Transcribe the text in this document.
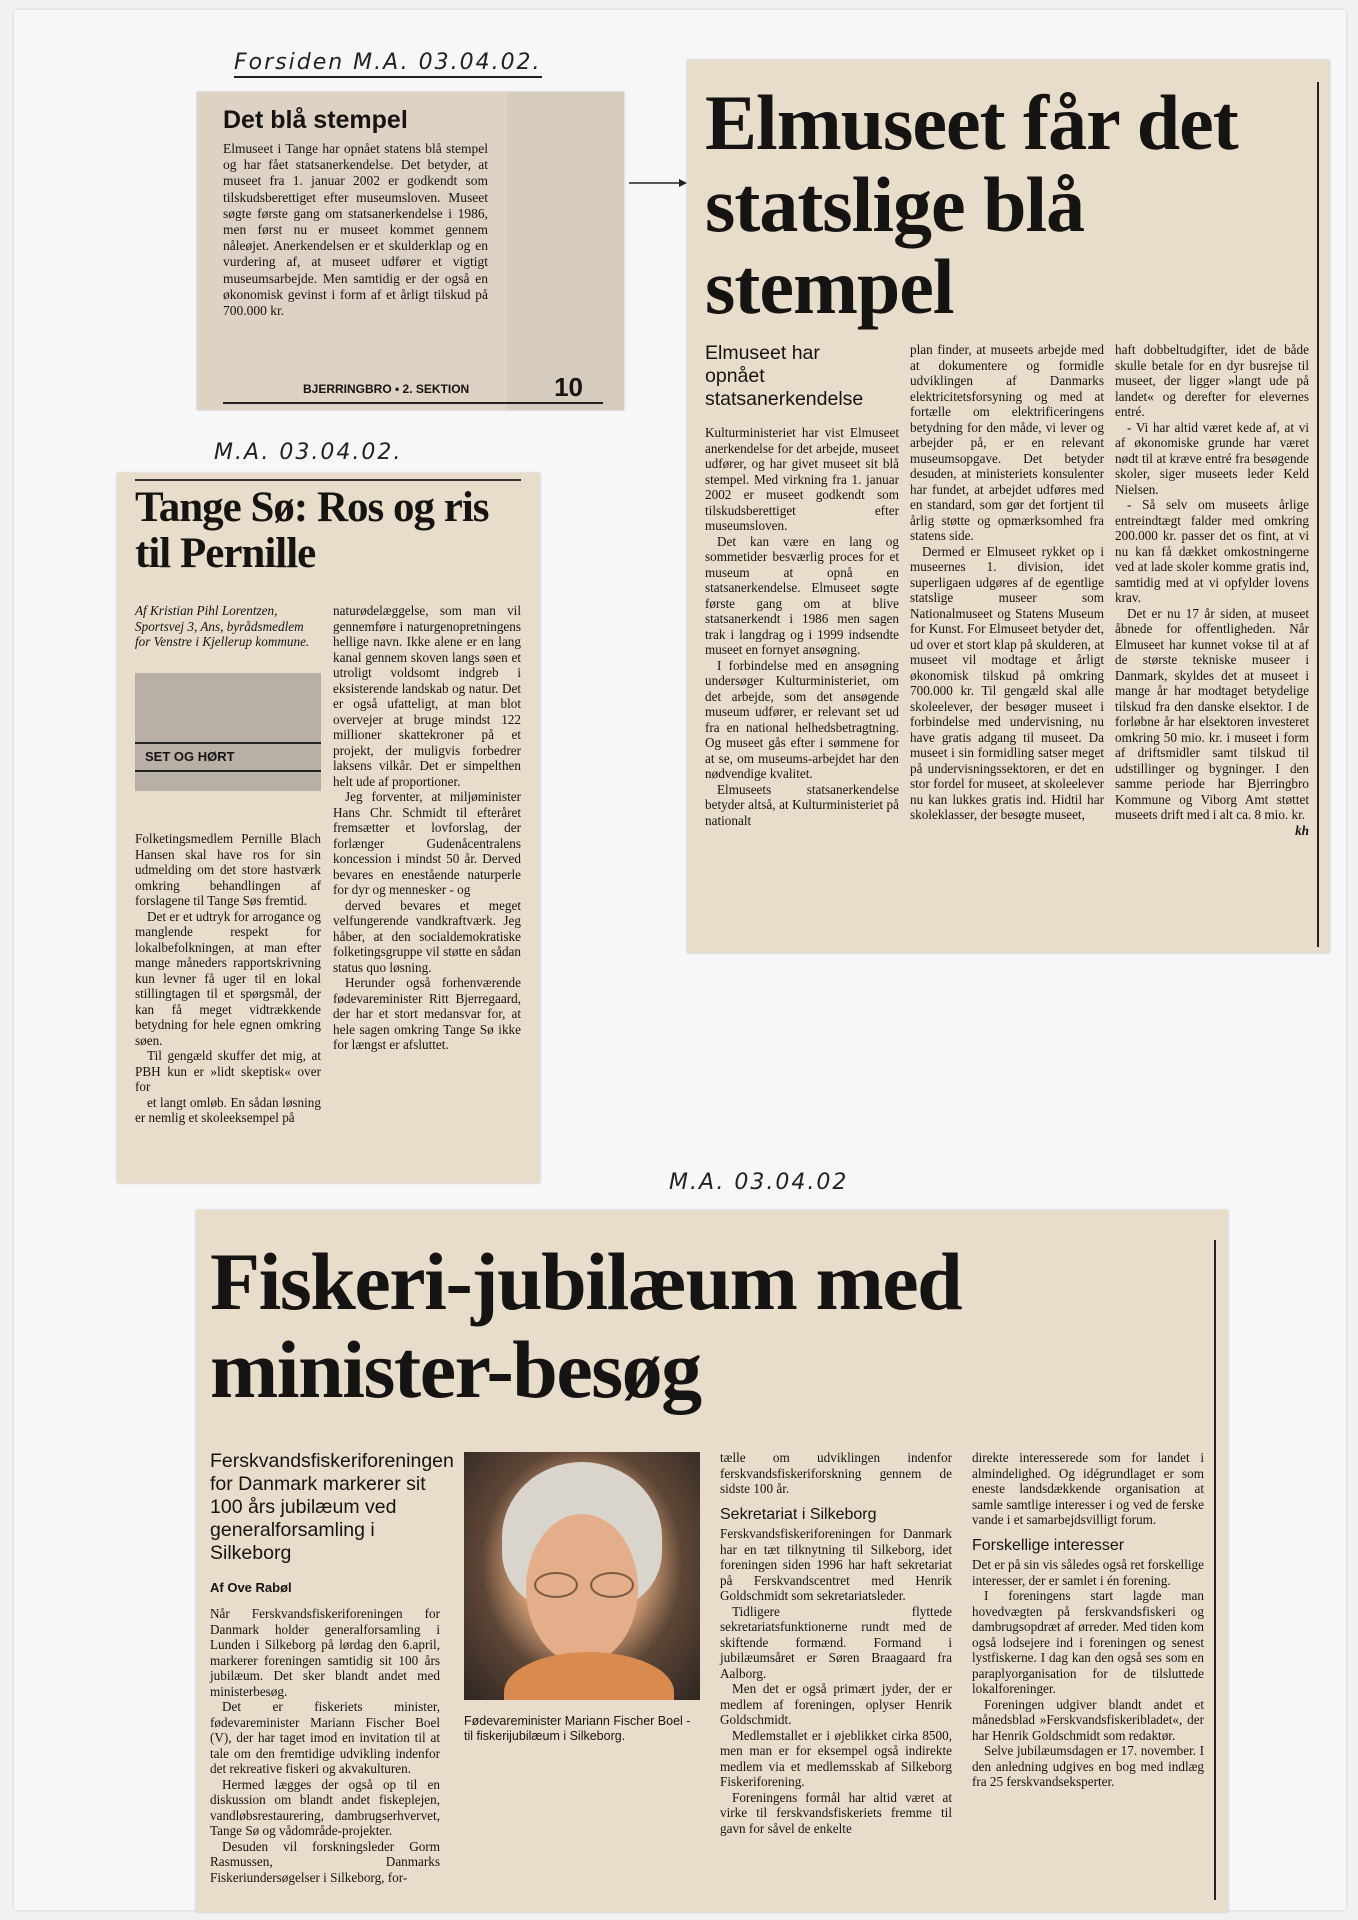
Forsiden M.A. 03.04.02.
M.A. 03.04.02.
M.A. 03.04.02
Det blå stempel
Elmuseet i Tange har opnået statens blå stempel og har fået statsanerkendelse. Det betyder, at museet fra 1. januar 2002 er godkendt som tilskudsberettiget efter museumsloven. Museet søgte første gang om statsanerkendelse i 1986, men først nu er museet kommet gennem nåleøjet. Anerkendelsen er et skulderklap og en vurdering af, at museet udfører et vigtigt museumsarbejde. Men samtidig er der også en økonomisk gevinst i form af et årligt tilskud på 700.000 kr.
BJERRINGBRO • 2. SEKTION	10
Tange Sø: Ros og ris til Pernille
Af Kristian Pihl Lorentzen, Sportsvej 3, Ans, byrådsmedlem for Venstre i Kjellerup kommune.
SET OG HØRT

Folketingsmedlem Pernille Blach Hansen skal have ros for sin udmelding om det store hastværk omkring behandlingen af forslagene til Tange Søs fremtid.

Det er et udtryk for arrogance og manglende respekt for lokalbefolkningen, at man efter mange måneders rapportskrivning kun levner få uger til en lokal stillingtagen til et spørgsmål, der kan få meget vidtrækkende betydning for hele egnen omkring søen.

Til gengæld skuffer det mig, at PBH kun er »lidt skeptisk« over for

et langt omløb. En sådan løsning er nemlig et skoleeksempel på

naturødelæggelse, som man vil gennemføre i naturgenopretningens hellige navn. Ikke alene er en lang kanal gennem skoven langs søen et utroligt voldsomt indgreb i eksisterende landskab og natur. Det er også ufatteligt, at man blot overvejer at bruge mindst 122 millioner skattekroner på et projekt, der muligvis forbedrer laksens vilkår. Det er simpelthen helt ude af proportioner.

Jeg forventer, at miljøminister Hans Chr. Schmidt til efteråret fremsætter et lovforslag, der forlænger Gudenåcentralens koncession i mindst 50 år. Derved bevares en enestående naturperle for dyr og mennesker - og

derved bevares et meget velfungerende vandkraftværk. Jeg håber, at den socialdemokratiske folketingsgruppe vil støtte en sådan status quo løsning.

Herunder også forhenværende fødevareminister Ritt Bjerregaard, der har et stort medansvar for, at hele sagen omkring Tange Sø ikke for længst er afsluttet.

Elmuseet får det statslige blå stempel
Elmuseet har opnået statsanerkendelse

Kulturministeriet har vist Elmuseet anerkendelse for det arbejde, museet udfører, og har givet museet sit blå stempel. Med virkning fra 1. januar 2002 er museet godkendt som tilskudsberettiget efter museumsloven.

Det kan være en lang og sommetider besværlig proces for et museum at opnå en statsanerkendelse. Elmuseet søgte første gang om at blive statsanerkendt i 1986 men sagen trak i langdrag og i 1999 indsendte museet en fornyet ansøgning.

I forbindelse med en ansøgning undersøger Kulturministeriet, om det arbejde, som det ansøgende museum udfører, er relevant set ud fra en national helhedsbetragtning. Og museet gås efter i sømmene for at se, om museums-arbejdet har den nødvendige kvalitet.

Elmuseets statsanerkendelse betyder altså, at Kulturministeriet på nationalt

plan finder, at museets arbejde med at dokumentere og formidle udviklingen af Danmarks elektricitetsforsyning og med at fortælle om elektrificeringens betydning for den måde, vi lever og arbejder på, er en relevant museumsopgave. Det betyder desuden, at ministeriets konsulenter har fundet, at arbejdet udføres med en standard, som gør det fortjent til årlig støtte og opmærksomhed fra statens side.

Dermed er Elmuseet rykket op i museernes 1. division, idet superligaen udgøres af de egentlige statslige museer som Nationalmuseet og Statens Museum for Kunst. For Elmuseet betyder det, ud over et stort klap på skulderen, at museet vil modtage et årligt økonomisk tilskud på omkring 700.000 kr. Til gengæld skal alle skoleelever, der besøger museet i forbindelse med undervisning, nu have gratis adgang til museet. Da museet i sin formidling satser meget på undervisningssektoren, er det en stor fordel for museet, at skoleelever nu kan lukkes gratis ind. Hidtil har skoleklasser, der besøgte museet,

haft dobbeltudgifter, idet de både skulle betale for en dyr busrejse til museet, der ligger »langt ude på landet« og derefter for elevernes entré.

- Vi har altid været kede af, at vi af økonomiske grunde har været nødt til at kræve entré fra besøgende skoler, siger museets leder Keld Nielsen.

- Så selv om museets årlige entreindtægt falder med omkring 200.000 kr. passer det os fint, at vi nu kan få dækket omkostningerne ved at lade skoler komme gratis ind, samtidig med at vi opfylder lovens krav.

Det er nu 17 år siden, at museet åbnede for offentligheden. Når Elmuseet har kunnet vokse til at af de største tekniske museer i Danmark, skyldes det at museet i mange år har modtaget betydelige tilskud fra den danske elsektor. I de forløbne år har elsektoren investeret omkring 50 mio. kr. i museet i form af driftsmidler samt tilskud til udstillinger og bygninger. I den samme periode har Bjerringbro Kommune og Viborg Amt støttet museets drift med i alt ca. 8 mio. kr.

kh
Fiskeri-jubilæum med minister-besøg
Ferskvandsfiskeriforeningen for Danmark markerer sit 100 års jubilæum ved generalforsamling i Silkeborg
Af Ove Rabøl

Når Ferskvandsfiskeriforeningen for Danmark holder generalforsamling i Lunden i Silkeborg på lørdag den 6.april, markerer foreningen samtidig sit 100 års jubilæum. Det sker blandt andet med ministerbesøg.

Det er fiskeriets minister, fødevareminister Mariann Fischer Boel (V), der har taget imod en invitation til at tale om den fremtidige udvikling indenfor det rekreative fiskeri og akvakulturen.

Hermed lægges der også op til en diskussion om blandt andet fiskeplejen, vandløbsrestaurering, dambrugserhvervet, Tange Sø og vådområde-projekter.

Desuden vil forskningsleder Gorm Rasmussen, Danmarks Fiskeriundersøgelser i Silkeborg, for-

Fødevareminister Mariann Fischer Boel - til fiskerijubilæum i Silkeborg.

tælle om udviklingen indenfor ferskvandsfiskeriforskning gennem de sidste 100 år.

Sekretariat i Silkeborg

Ferskvandsfiskeriforeningen for Danmark har en tæt tilknytning til Silkeborg, idet foreningen siden 1996 har haft sekretariat på Ferskvandscentret med Henrik Goldschmidt som sekretariatsleder.

Tidligere flyttede sekretariatsfunktionerne rundt med de skiftende formænd. Formand i jubilæumsåret er Søren Braagaard fra Aalborg.

Men det er også primært jyder, der er medlem af foreningen, oplyser Henrik Goldschmidt.

Medlemstallet er i øjeblikket cirka 8500, men man er for eksempel også indirekte medlem via et medlemsskab af Silkeborg Fiskeriforening.

Foreningens formål har altid været at virke til ferskvandsfiskeriets fremme til gavn for såvel de enkelte

direkte interesserede som for landet i almindelighed. Og idégrundlaget er som eneste landsdækkende organisation at samle samtlige interesser i og ved de ferske vande i et samarbejdsvilligt forum.

Forskellige interesser

Det er på sin vis således også ret forskellige interesser, der er samlet i én forening.

I foreningens start lagde man hovedvægten på ferskvandsfiskeri og dambrugsopdræt af ørreder. Med tiden kom også lodsejere ind i foreningen og senest lystfiskerne. I dag kan den også ses som en paraplyorganisation for de tilsluttede lokalforeninger.

Foreningen udgiver blandt andet et månedsblad »Ferskvandsfiskeribladet«, der har Henrik Goldschmidt som redaktør.

Selve jubilæumsdagen er 17. november. I den anledning udgives en bog med indlæg fra 25 ferskvandseksperter.
